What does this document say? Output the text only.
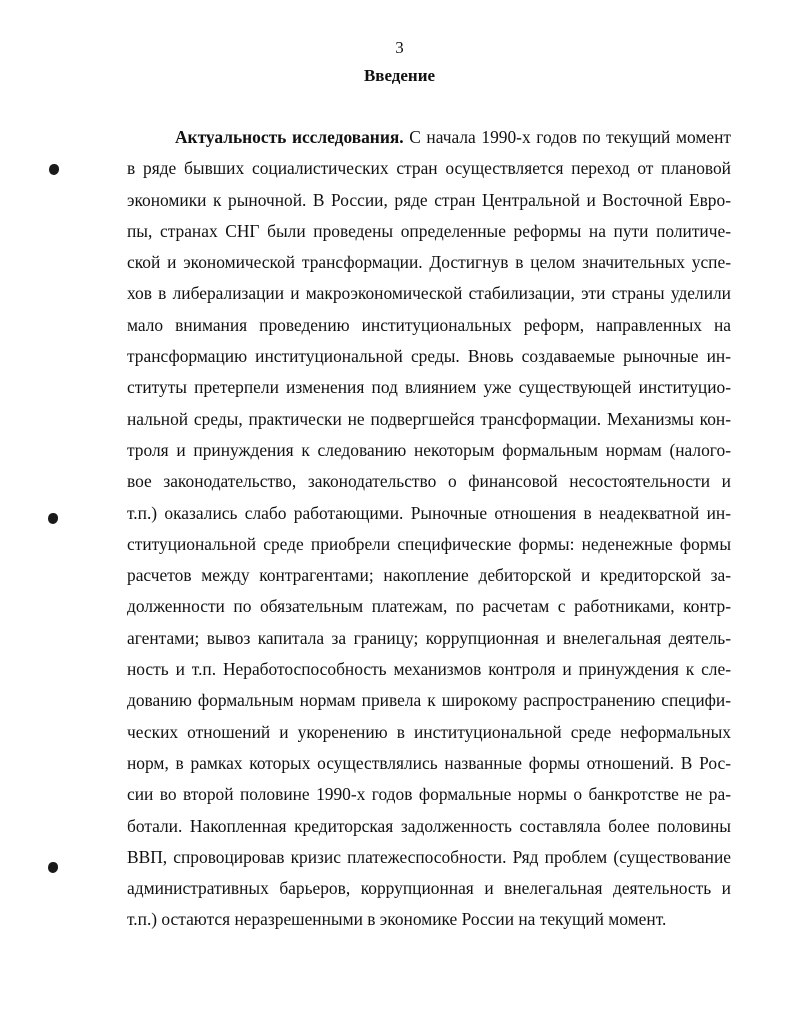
3
Введение
Актуальность исследования. С начала 1990-х годов по текущий момент
в ряде бывших социалистических стран осуществляется переход от плановой
экономики к рыночной. В России, ряде стран Центральной и Восточной Евро-
пы, странах СНГ были проведены определенные реформы на пути политиче-
ской и экономической трансформации. Достигнув в целом значительных успе-
хов в либерализации и макроэкономической стабилизации, эти страны уделили
мало внимания проведению институциональных реформ, направленных на
трансформацию институциональной среды. Вновь создаваемые рыночные ин-
ституты претерпели изменения под влиянием уже существующей институцио-
нальной среды, практически не подвергшейся трансформации. Механизмы кон-
троля и принуждения к следованию некоторым формальным нормам (налого-
вое законодательство, законодательство о финансовой несостоятельности и
т.п.) оказались слабо работающими. Рыночные отношения в неадекватной ин-
ституциональной среде приобрели специфические формы: неденежные формы
расчетов между контрагентами; накопление дебиторской и кредиторской за-
долженности по обязательным платежам, по расчетам с работниками, контр-
агентами; вывоз капитала за границу; коррупционная и внелегальная деятель-
ность и т.п. Неработоспособность механизмов контроля и принуждения к сле-
дованию формальным нормам привела к широкому распространению специфи-
ческих отношений и укоренению в институциональной среде неформальных
норм, в рамках которых осуществлялись названные формы отношений. В Рос-
сии во второй половине 1990-х годов формальные нормы о банкротстве не ра-
ботали. Накопленная кредиторская задолженность составляла более половины
ВВП, спровоцировав кризис платежеспособности. Ряд проблем (существование
административных барьеров, коррупционная и внелегальная деятельность и
т.п.) остаются неразрешенными в экономике России на текущий момент.
